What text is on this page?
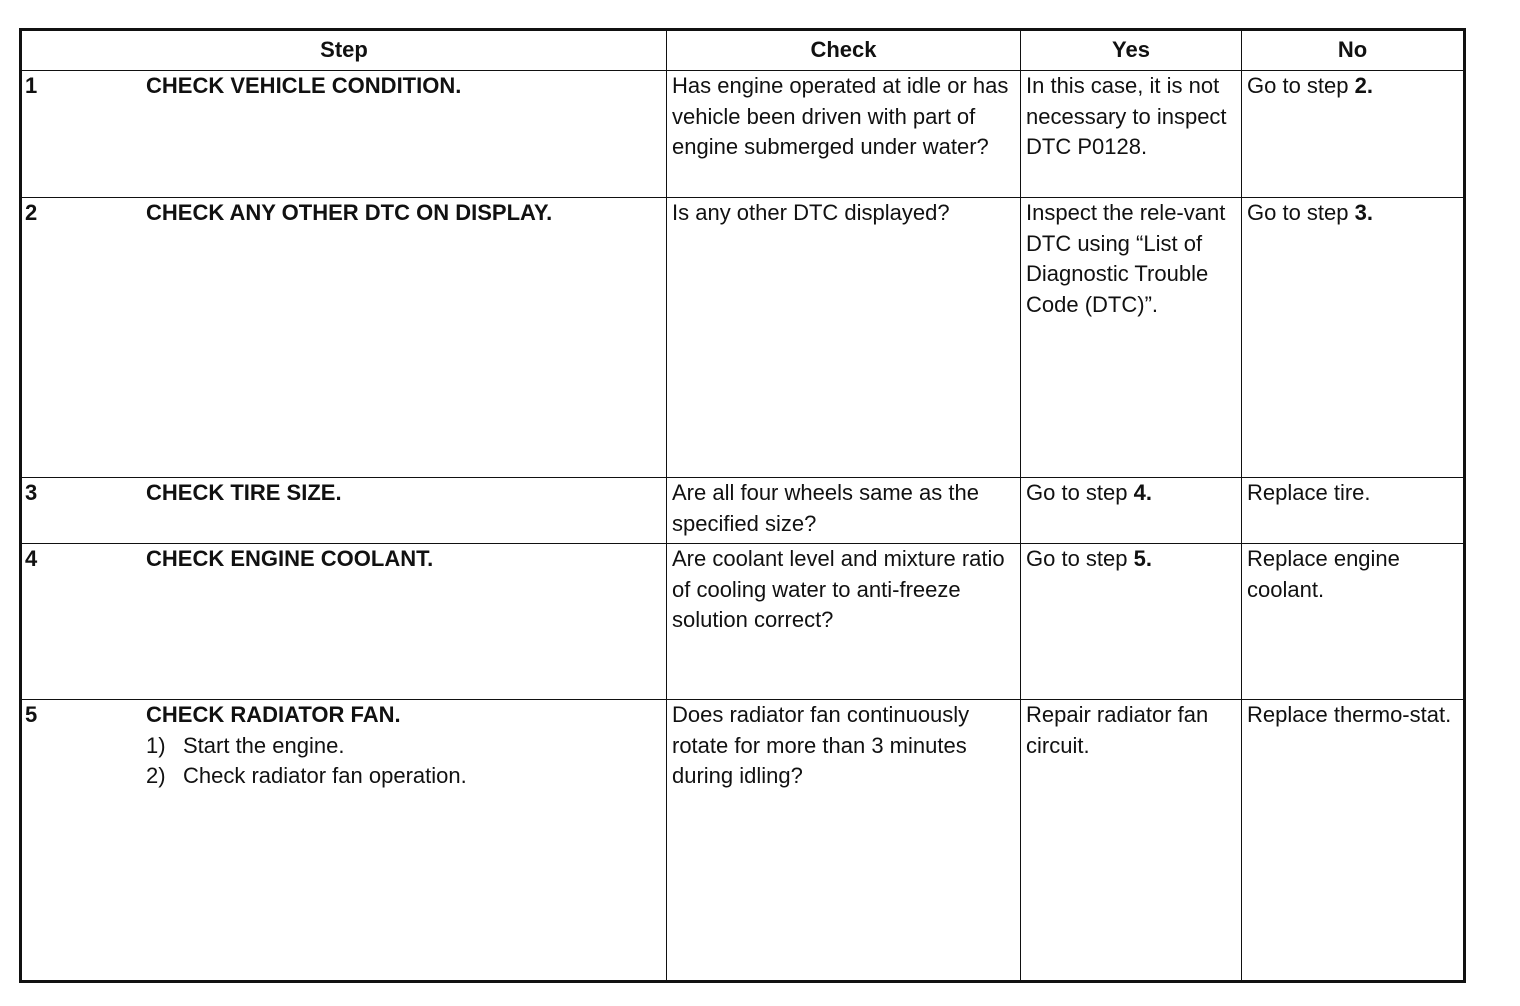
Step	Check	Yes	No

1 CHECK VEHICLE CONDITION.	Has engine operated at idle or has vehicle been driven with part of engine submerged under water?	In this case, it is not necessary to inspect DTC P0128.	Go to step 2.

2 CHECK ANY OTHER DTC ON DISPLAY.	Is any other DTC displayed?	Inspect the rele-vant DTC using “List of Diagnostic Trouble Code (DTC)”.	Go to step 3.

3 CHECK TIRE SIZE.	Are all four wheels same as the specified size?	Go to step 4.	Replace tire.

4 CHECK ENGINE COOLANT.	Are coolant level and mixture ratio of cooling water to anti-freeze solution correct?	Go to step 5.	Replace engine coolant.

5 CHECK RADIATOR FAN.
1) Start the engine.
2) Check radiator fan operation.	Does radiator fan continuously rotate for more than 3 minutes during idling?	Repair radiator fan circuit.	Replace thermo-stat.
